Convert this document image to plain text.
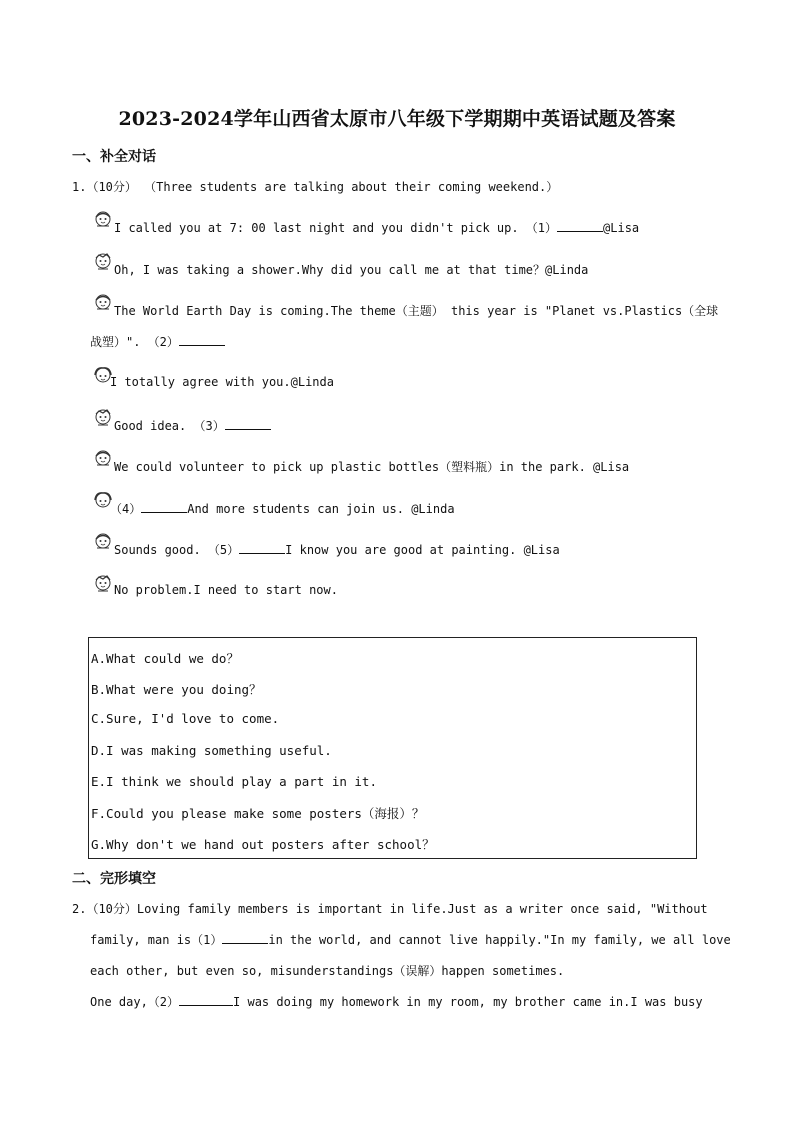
2023-2024学年山西省太原市八年级下学期期中英语试题及答案
一、补全对话
1.（10分） （Three students are talking about their coming weekend.）
I called you at 7: 00 last night and you didn't pick up. （1）	@Lisa
Oh, I was taking a shower.Why did you call me at that time？@Linda
The World Earth Day is coming.The theme（主题） this year is "Planet vs.Plastics（全球
战塑）". （2）
I totally agree with you.@Linda
Good idea. （3）
We could volunteer to pick up plastic bottles（塑料瓶）in the park. @Lisa
（4）	And more students can join us. @Linda
Sounds good. （5）	I know you are good at painting. @Lisa
No problem.I need to start now.
A.What could we do？
B.What were you doing？
C.Sure, I'd love to come.
D.I was making something useful.
E.I think we should play a part in it.
F.Could you please make some posters（海报）？
G.Why don't we hand out posters after school？
二、完形填空
2.（10分）Loving family members is important in life.Just as a writer once said, "Without
family, man is（1）	in the world, and cannot live happily."In my family, we all love
each other, but even so, misunderstandings（误解）happen sometimes.
One day,（2）	I was doing my homework in my room, my brother came in.I was busy
